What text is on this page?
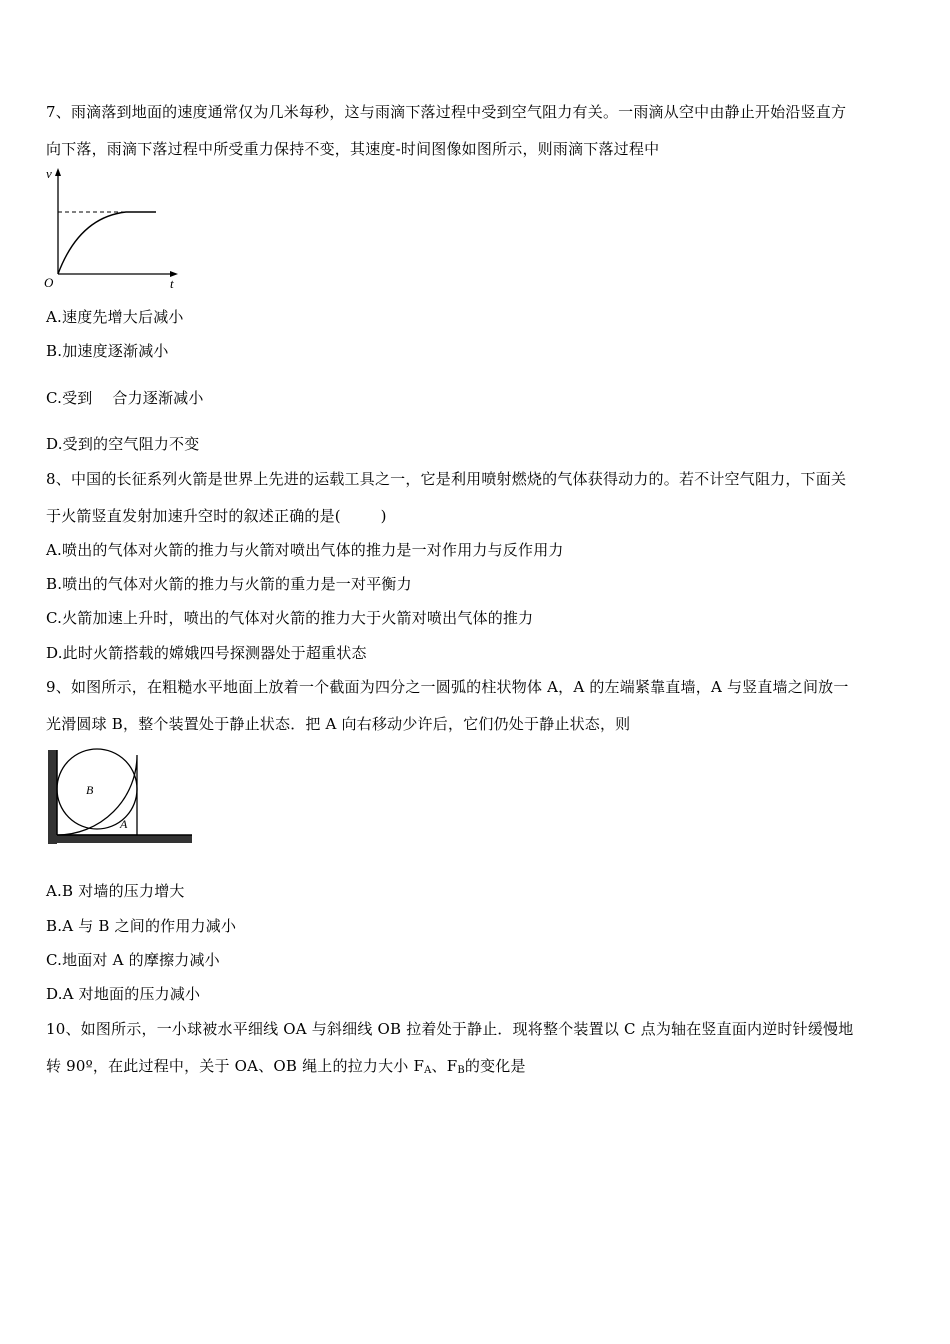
7、雨滴落到地面的速度通常仅为几米每秒，这与雨滴下落过程中受到空气阻力有关。一雨滴从空中由静止开始沿竖直方
向下落，雨滴下落过程中所受重力保持不变，其速度-时间图像如图所示，则雨滴下落过程中
v
t
O
A.速度先增大后减小
B.加速度逐渐减小
C.受到    合力逐渐减小
D.受到的空气阻力不变
8、中国的长征系列火箭是世界上先进的运载工具之一，它是利用喷射燃烧的气体获得动力的。若不计空气阻力，下面关
于火箭竖直发射加速升空时的叙述正确的是(        )
A.喷出的气体对火箭的推力与火箭对喷出气体的推力是一对作用力与反作用力
B.喷出的气体对火箭的推力与火箭的重力是一对平衡力
C.火箭加速上升时，喷出的气体对火箭的推力大于火箭对喷出气体的推力
D.此时火箭搭载的嫦娥四号探测器处于超重状态
9、如图所示，在粗糙水平地面上放着一个截面为四分之一圆弧的柱状物体 A，A 的左端紧靠直墙，A 与竖直墙之间放一
光滑圆球 B，整个装置处于静止状态．把 A 向右移动少许后，它们仍处于静止状态，则
B
A
A.B 对墙的压力增大
B.A 与 B 之间的作用力减小
C.地面对 A 的摩擦力减小
D.A 对地面的压力减小
10、如图所示，一小球被水平细线 OA 与斜细线 OB 拉着处于静止．现将整个装置以 C 点为轴在竖直面内逆时针缓慢地
转 90º，在此过程中，关于 OA、OB 绳上的拉力大小 $F_A$、$F_B$的变化是
